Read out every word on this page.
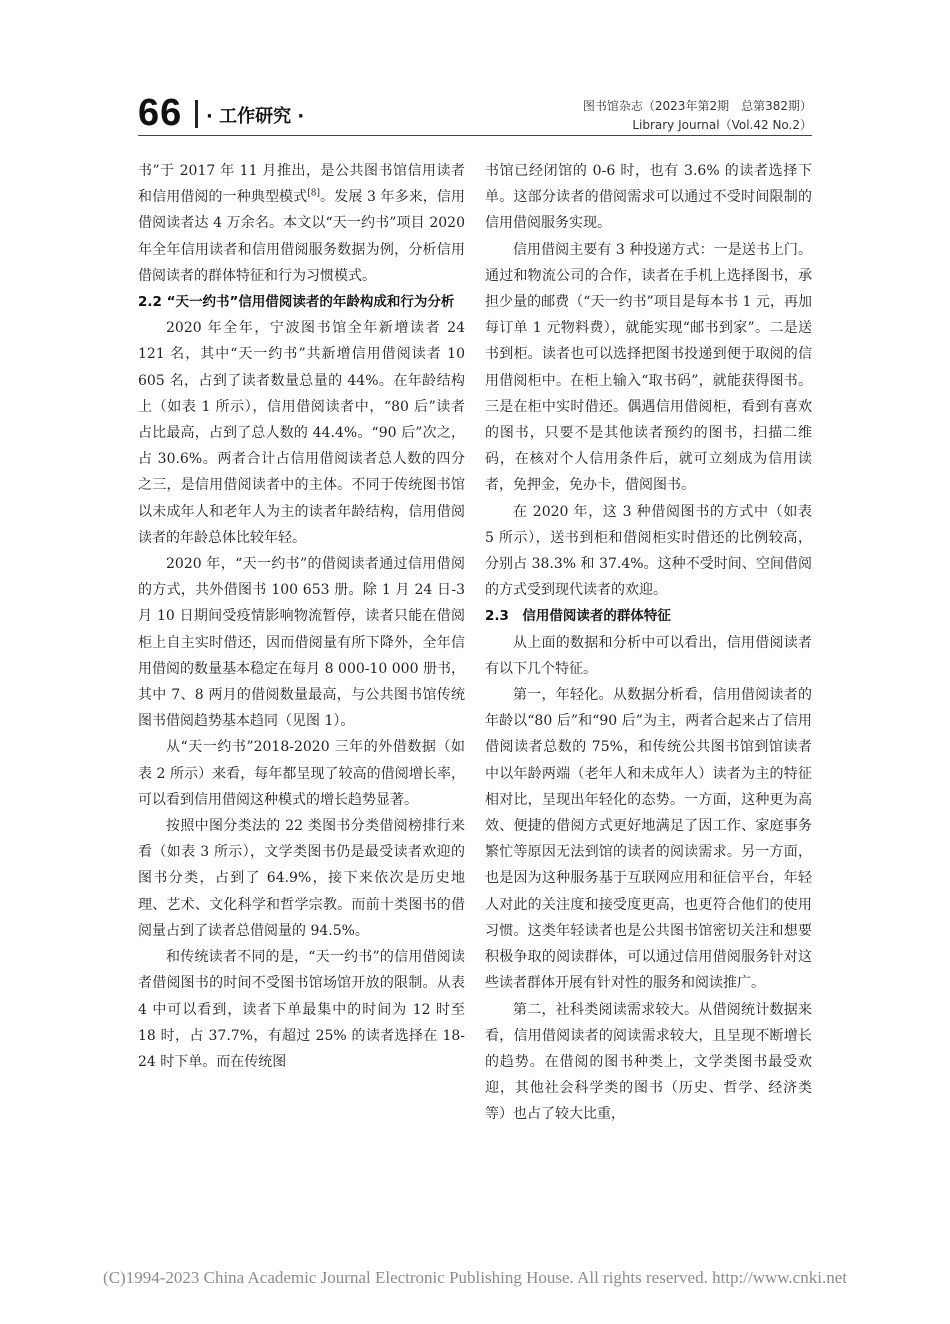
66 · 工作研究 ·	图书馆杂志（2023年第2期　总第382期）
Library Journal（Vol.42 No.2）

书”于 2017 年 11 月推出，是公共图书馆信用读者和信用借阅的一种典型模式[8]。发展 3 年多来，信用借阅读者达 4 万余名。本文以“天一约书”项目 2020 年全年信用读者和信用借阅服务数据为例，分析信用借阅读者的群体特征和行为习惯模式。

2.2 “天一约书”信用借阅读者的年龄构成和行为分析

2020 年全年，宁波图书馆全年新增读者 24 121 名，其中“天一约书”共新增信用借阅读者 10 605 名，占到了读者数量总量的 44%。在年龄结构上（如表 1 所示），信用借阅读者中，“80 后”读者占比最高，占到了总人数的 44.4%。“90 后”次之，占 30.6%。两者合计占信用借阅读者总人数的四分之三，是信用借阅读者中的主体。不同于传统图书馆以未成年人和老年人为主的读者年龄结构，信用借阅读者的年龄总体比较年轻。

2020 年，“天一约书”的借阅读者通过信用借阅的方式，共外借图书 100 653 册。除 1 月 24 日-3 月 10 日期间受疫情影响物流暂停，读者只能在借阅柜上自主实时借还，因而借阅量有所下降外，全年信用借阅的数量基本稳定在每月 8 000-10 000 册书，其中 7、8 两月的借阅数量最高，与公共图书馆传统图书借阅趋势基本趋同（见图 1）。

从“天一约书”2018-2020 三年的外借数据（如表 2 所示）来看，每年都呈现了较高的借阅增长率，可以看到信用借阅这种模式的增长趋势显著。

按照中图分类法的 22 类图书分类借阅榜排行来看（如表 3 所示），文学类图书仍是最受读者欢迎的图书分类，占到了 64.9%，接下来依次是历史地理、艺术、文化科学和哲学宗教。而前十类图书的借阅量占到了读者总借阅量的 94.5%。

和传统读者不同的是，“天一约书”的信用借阅读者借阅图书的时间不受图书馆场馆开放的限制。从表 4 中可以看到，读者下单最集中的时间为 12 时至 18 时，占 37.7%，有超过 25% 的读者选择在 18-24 时下单。而在传统图

书馆已经闭馆的 0-6 时，也有 3.6% 的读者选择下单。这部分读者的借阅需求可以通过不受时间限制的信用借阅服务实现。

信用借阅主要有 3 种投递方式：一是送书上门。通过和物流公司的合作，读者在手机上选择图书，承担少量的邮费（“天一约书”项目是每本书 1 元，再加每订单 1 元物料费），就能实现“邮书到家”。二是送书到柜。读者也可以选择把图书投递到便于取阅的信用借阅柜中。在柜上输入“取书码”，就能获得图书。三是在柜中实时借还。偶遇信用借阅柜，看到有喜欢的图书，只要不是其他读者预约的图书，扫描二维码，在核对个人信用条件后，就可立刻成为信用读者，免押金，免办卡，借阅图书。

在 2020 年，这 3 种借阅图书的方式中（如表 5 所示），送书到柜和借阅柜实时借还的比例较高，分别占 38.3% 和 37.4%。这种不受时间、空间借阅的方式受到现代读者的欢迎。

2.3　信用借阅读者的群体特征

从上面的数据和分析中可以看出，信用借阅读者有以下几个特征。

第一，年轻化。从数据分析看，信用借阅读者的年龄以“80 后”和“90 后”为主，两者合起来占了信用借阅读者总数的 75%，和传统公共图书馆到馆读者中以年龄两端（老年人和未成年人）读者为主的特征相对比，呈现出年轻化的态势。一方面，这种更为高效、便捷的借阅方式更好地满足了因工作、家庭事务繁忙等原因无法到馆的读者的阅读需求。另一方面，也是因为这种服务基于互联网应用和征信平台，年轻人对此的关注度和接受度更高，也更符合他们的使用习惯。这类年轻读者也是公共图书馆密切关注和想要积极争取的阅读群体，可以通过信用借阅服务针对这些读者群体开展有针对性的服务和阅读推广。

第二，社科类阅读需求较大。从借阅统计数据来看，信用借阅读者的阅读需求较大，且呈现不断增长的趋势。在借阅的图书种类上，文学类图书最受欢迎，其他社会科学类的图书（历史、哲学、经济类等）也占了较大比重，

(C)1994-2023 China Academic Journal Electronic Publishing House. All rights reserved. http://www.cnki.net
